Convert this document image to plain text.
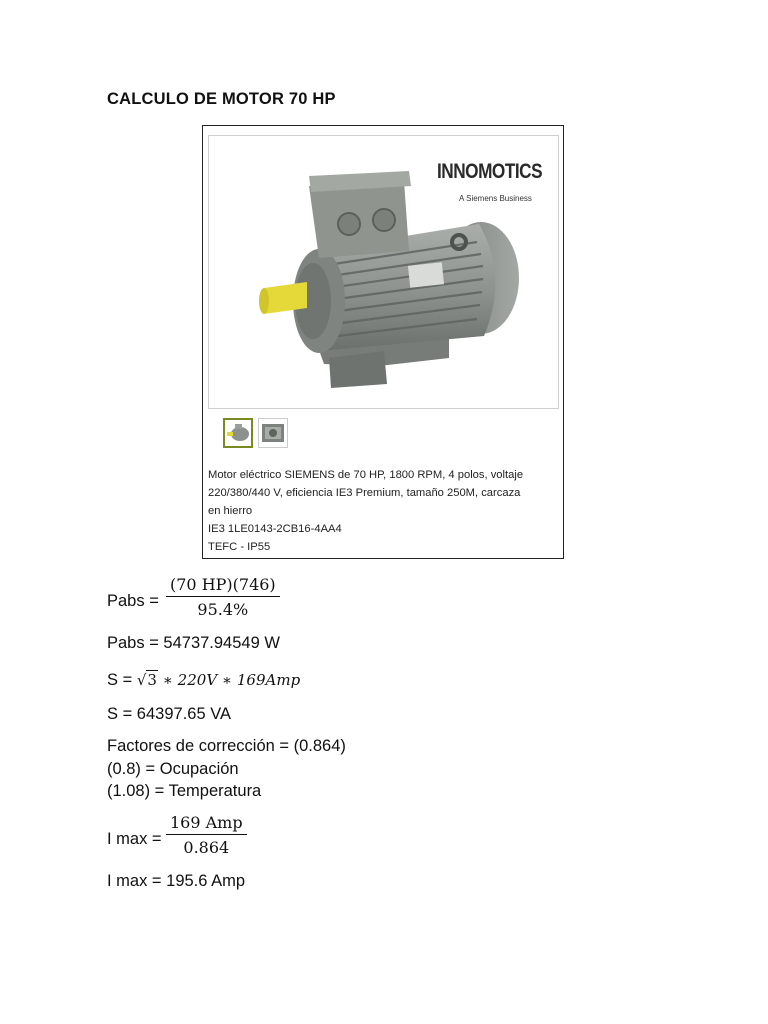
CALCULO DE MOTOR 70 HP
INNOMOTICS
A Siemens Business
Motor eléctrico SIEMENS de 70 HP, 1800 RPM, 4 polos, voltaje
220/380/440 V, eficiencia IE3 Premium, tamaño 250M, carcaza
en hierro
IE3 1LE0143-2CB16-4AA4
TEFC - IP55
Pabs =
(70 HP)(746)
95.4%
Pabs = 54737.94549 W
S = √3 ∗ 220V ∗ 169Amp
S = 64397.65 VA
Factores de corrección = (0.864)
(0.8) = Ocupación
(1.08) = Temperatura
I max =
169 Amp
0.864
I max = 195.6 Amp
